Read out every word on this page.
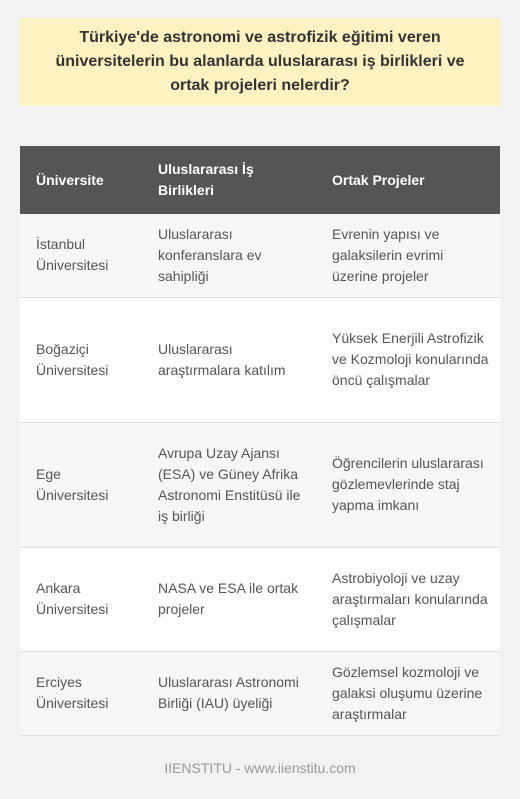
Türkiye'de astronomi ve astrofizik eğitimi veren üniversitelerin bu alanlarda uluslararası iş birlikleri ve ortak projeleri nelerdir?
Üniversite	Uluslararası İş Birlikleri	Ortak Projeler
İstanbul Üniversitesi	Uluslararası konferanslara ev sahipliği	Evrenin yapısı ve galaksilerin evrimi üzerine projeler
Boğaziçi Üniversitesi	Uluslararası araştırmalara katılım	Yüksek Enerjili Astrofizik ve Kozmoloji konularında öncü çalışmalar
Ege Üniversitesi	Avrupa Uzay Ajansı (ESA) ve Güney Afrika Astronomi Enstitüsü ile iş birliği	Öğrencilerin uluslararası gözlemevlerinde staj yapma imkanı
Ankara Üniversitesi	NASA ve ESA ile ortak projeler	Astrobiyoloji ve uzay araştırmaları konularında çalışmalar
Erciyes Üniversitesi	Uluslararası Astronomi Birliği (IAU) üyeliği	Gözlemsel kozmoloji ve galaksi oluşumu üzerine araştırmalar
IIENSTITU - www.iienstitu.com
